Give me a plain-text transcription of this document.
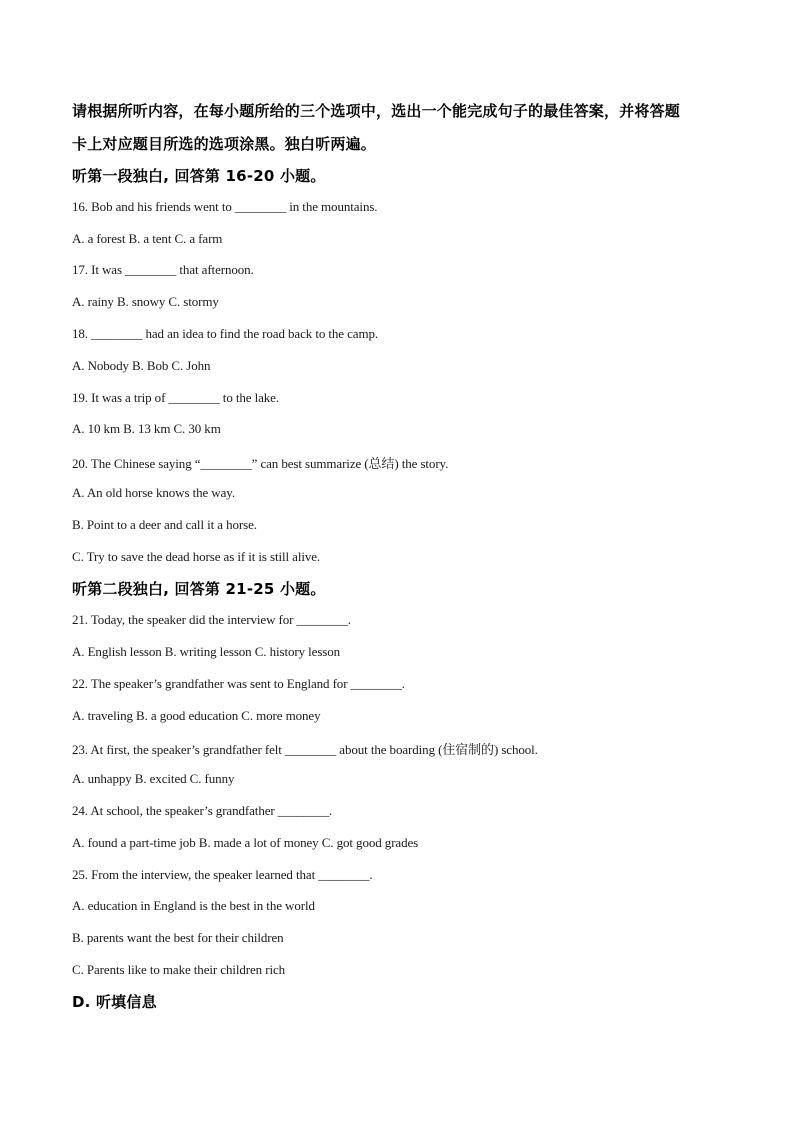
请根据所听内容，在每小题所给的三个选项中，选出一个能完成句子的最佳答案，并将答题
卡上对应题目所选的选项涂黑。独白听两遍。
听第一段独白, 回答第 16-20 小题。
16. Bob and his friends went to ________ in the mountains.
A. a forest B. a tent C. a farm
17. It was ________ that afternoon.
A. rainy B. snowy C. stormy
18. ________ had an idea to find the road back to the camp.
A. Nobody B. Bob C. John
19. It was a trip of ________ to the lake.
A. 10 km B. 13 km C. 30 km
20. The Chinese saying “________” can best summarize (总结) the story.
A. An old horse knows the way.
B. Point to a deer and call it a horse.
C. Try to save the dead horse as if it is still alive.
听第二段独白, 回答第 21-25 小题。
21. Today, the speaker did the interview for ________.
A. English lesson B. writing lesson C. history lesson
22. The speaker’s grandfather was sent to England for ________.
A. traveling B. a good education C. more money
23. At first, the speaker’s grandfather felt ________ about the boarding (住宿制的) school.
A. unhappy B. excited C. funny
24. At school, the speaker’s grandfather ________.
A. found a part-time job B. made a lot of money C. got good grades
25. From the interview, the speaker learned that ________.
A. education in England is the best in the world
B. parents want the best for their children
C. Parents like to make their children rich
D. 听填信息
